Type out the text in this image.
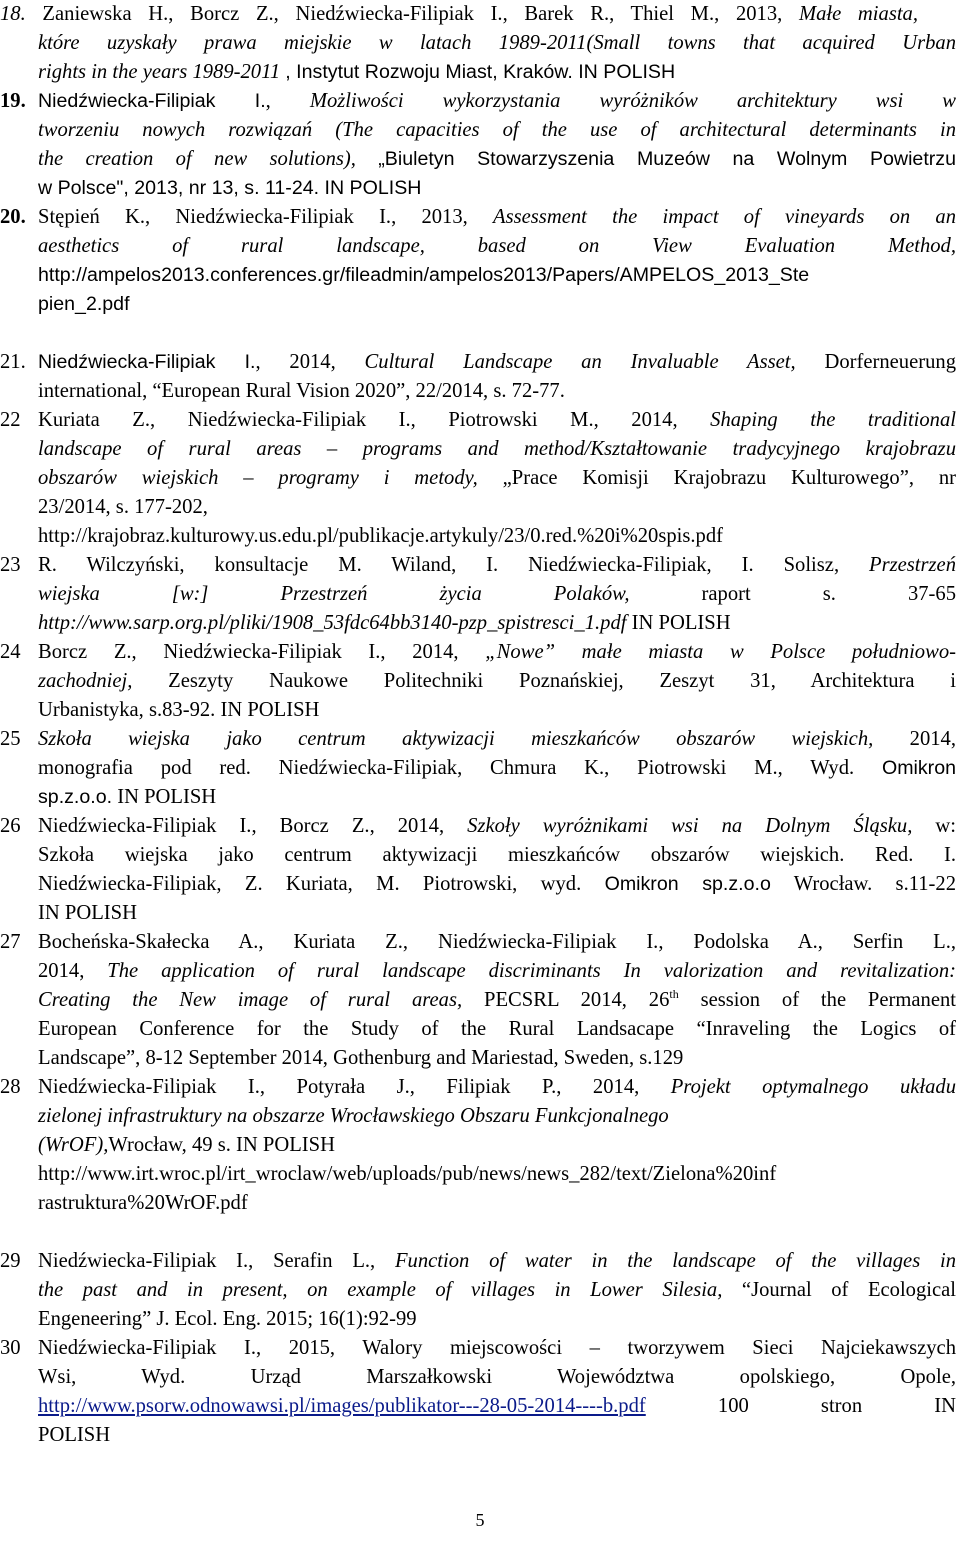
18. Zaniewska H., Borcz Z., Niedźwiecka-Filipiak I., Barek R., Thiel M., 2013, Małe miasta,
które uzyskały prawa miejskie w latach 1989-2011(Small towns that acquired Urban
rights in the years 1989-2011 , Instytut Rozwoju Miast, Kraków. IN POLISH
19. Niedźwiecka-Filipiak I., Możliwości wykorzystania wyróżników architektury wsi w
tworzeniu nowych rozwiązań (The capacities of the use of architectural determinants in
the creation of new solutions), „Biuletyn Stowarzyszenia Muzeów na Wolnym Powietrzu
w Polsce", 2013, nr 13, s. 11-24. IN POLISH
20. Stępień K., Niedźwiecka-Filipiak I., 2013, Assessment the impact of vineyards on an
aesthetics of rural landscape, based on View Evaluation Method,
http://ampelos2013.conferences.gr/fileadmin/ampelos2013/Papers/AMPELOS_2013_Ste
pien_2.pdf
21. Niedźwiecka-Filipiak I., 2014, Cultural Landscape an Invaluable Asset, Dorferneuerung
international, “European Rural Vision 2020”, 22/2014, s. 72-77.
22 Kuriata Z., Niedźwiecka-Filipiak I., Piotrowski M., 2014, Shaping the traditional
landscape of rural areas – programs and method/Kształtowanie tradycyjnego krajobrazu
obszarów wiejskich – programy i metody, „Prace Komisji Krajobrazu Kulturowego”, nr
23/2014, s. 177-202,
http://krajobraz.kulturowy.us.edu.pl/publikacje.artykuly/23/0.red.%20i%20spis.pdf
23 R. Wilczyński, konsultacje M. Wiland, I. Niedźwiecka-Filipiak, I. Solisz, Przestrzeń
wiejska [w:] Przestrzeń życia Polaków, raport s. 37-65
http://www.sarp.org.pl/pliki/1908_53fdc64bb3140-pzp_spistresci_1.pdf IN POLISH
24 Borcz Z., Niedźwiecka-Filipiak I., 2014, „Nowe” małe miasta w Polsce południowo-
zachodniej, Zeszyty Naukowe Politechniki Poznańskiej, Zeszyt 31, Architektura i
Urbanistyka, s.83-92. IN POLISH
25 Szkoła wiejska jako centrum aktywizacji mieszkańców obszarów wiejskich, 2014,
monografia pod red. Niedźwiecka-Filipiak, Chmura K., Piotrowski M., Wyd. Omikron
sp.z.o.o. IN POLISH
26 Niedźwiecka-Filipiak I., Borcz Z., 2014, Szkoły wyróżnikami wsi na Dolnym Śląsku, w:
Szkoła wiejska jako centrum aktywizacji mieszkańców obszarów wiejskich. Red. I.
Niedźwiecka-Filipiak, Z. Kuriata, M. Piotrowski, wyd. Omikron sp.z.o.o Wrocław. s.11-22
IN POLISH
27 Bocheńska-Skałecka A., Kuriata Z., Niedźwiecka-Filipiak I., Podolska A., Serfin L.,
2014, The application of rural landscape discriminants In valorization and revitalization:
Creating the New image of rural areas, PECSRL 2014, 26th session of the Permanent
European Conference for the Study of the Rural Landsacape “Inraveling the Logics of
Landscape”, 8-12 September 2014, Gothenburg and Mariestad, Sweden, s.129
28 Niedźwiecka-Filipiak I., Potyrała J., Filipiak P., 2014, Projekt optymalnego układu
zielonej infrastruktury na obszarze Wrocławskiego Obszaru Funkcjonalnego
(WrOF),Wrocław, 49 s. IN POLISH
http://www.irt.wroc.pl/irt_wroclaw/web/uploads/pub/news/news_282/text/Zielona%20inf
rastruktura%20WrOF.pdf
29 Niedźwiecka-Filipiak I., Serafin L., Function of water in the landscape of the villages in
the past and in present, on example of villages in Lower Silesia, “Journal of Ecological
Engeneering” J. Ecol. Eng. 2015; 16(1):92-99
30 Niedźwiecka-Filipiak I., 2015, Walory miejscowości – tworzywem Sieci Najciekawszych
Wsi, Wyd. Urząd Marszałkowski Województwa opolskiego, Opole,
http://www.psorw.odnowawsi.pl/images/publikator---28-05-2014----b.pdf 100 stron IN
POLISH
5
